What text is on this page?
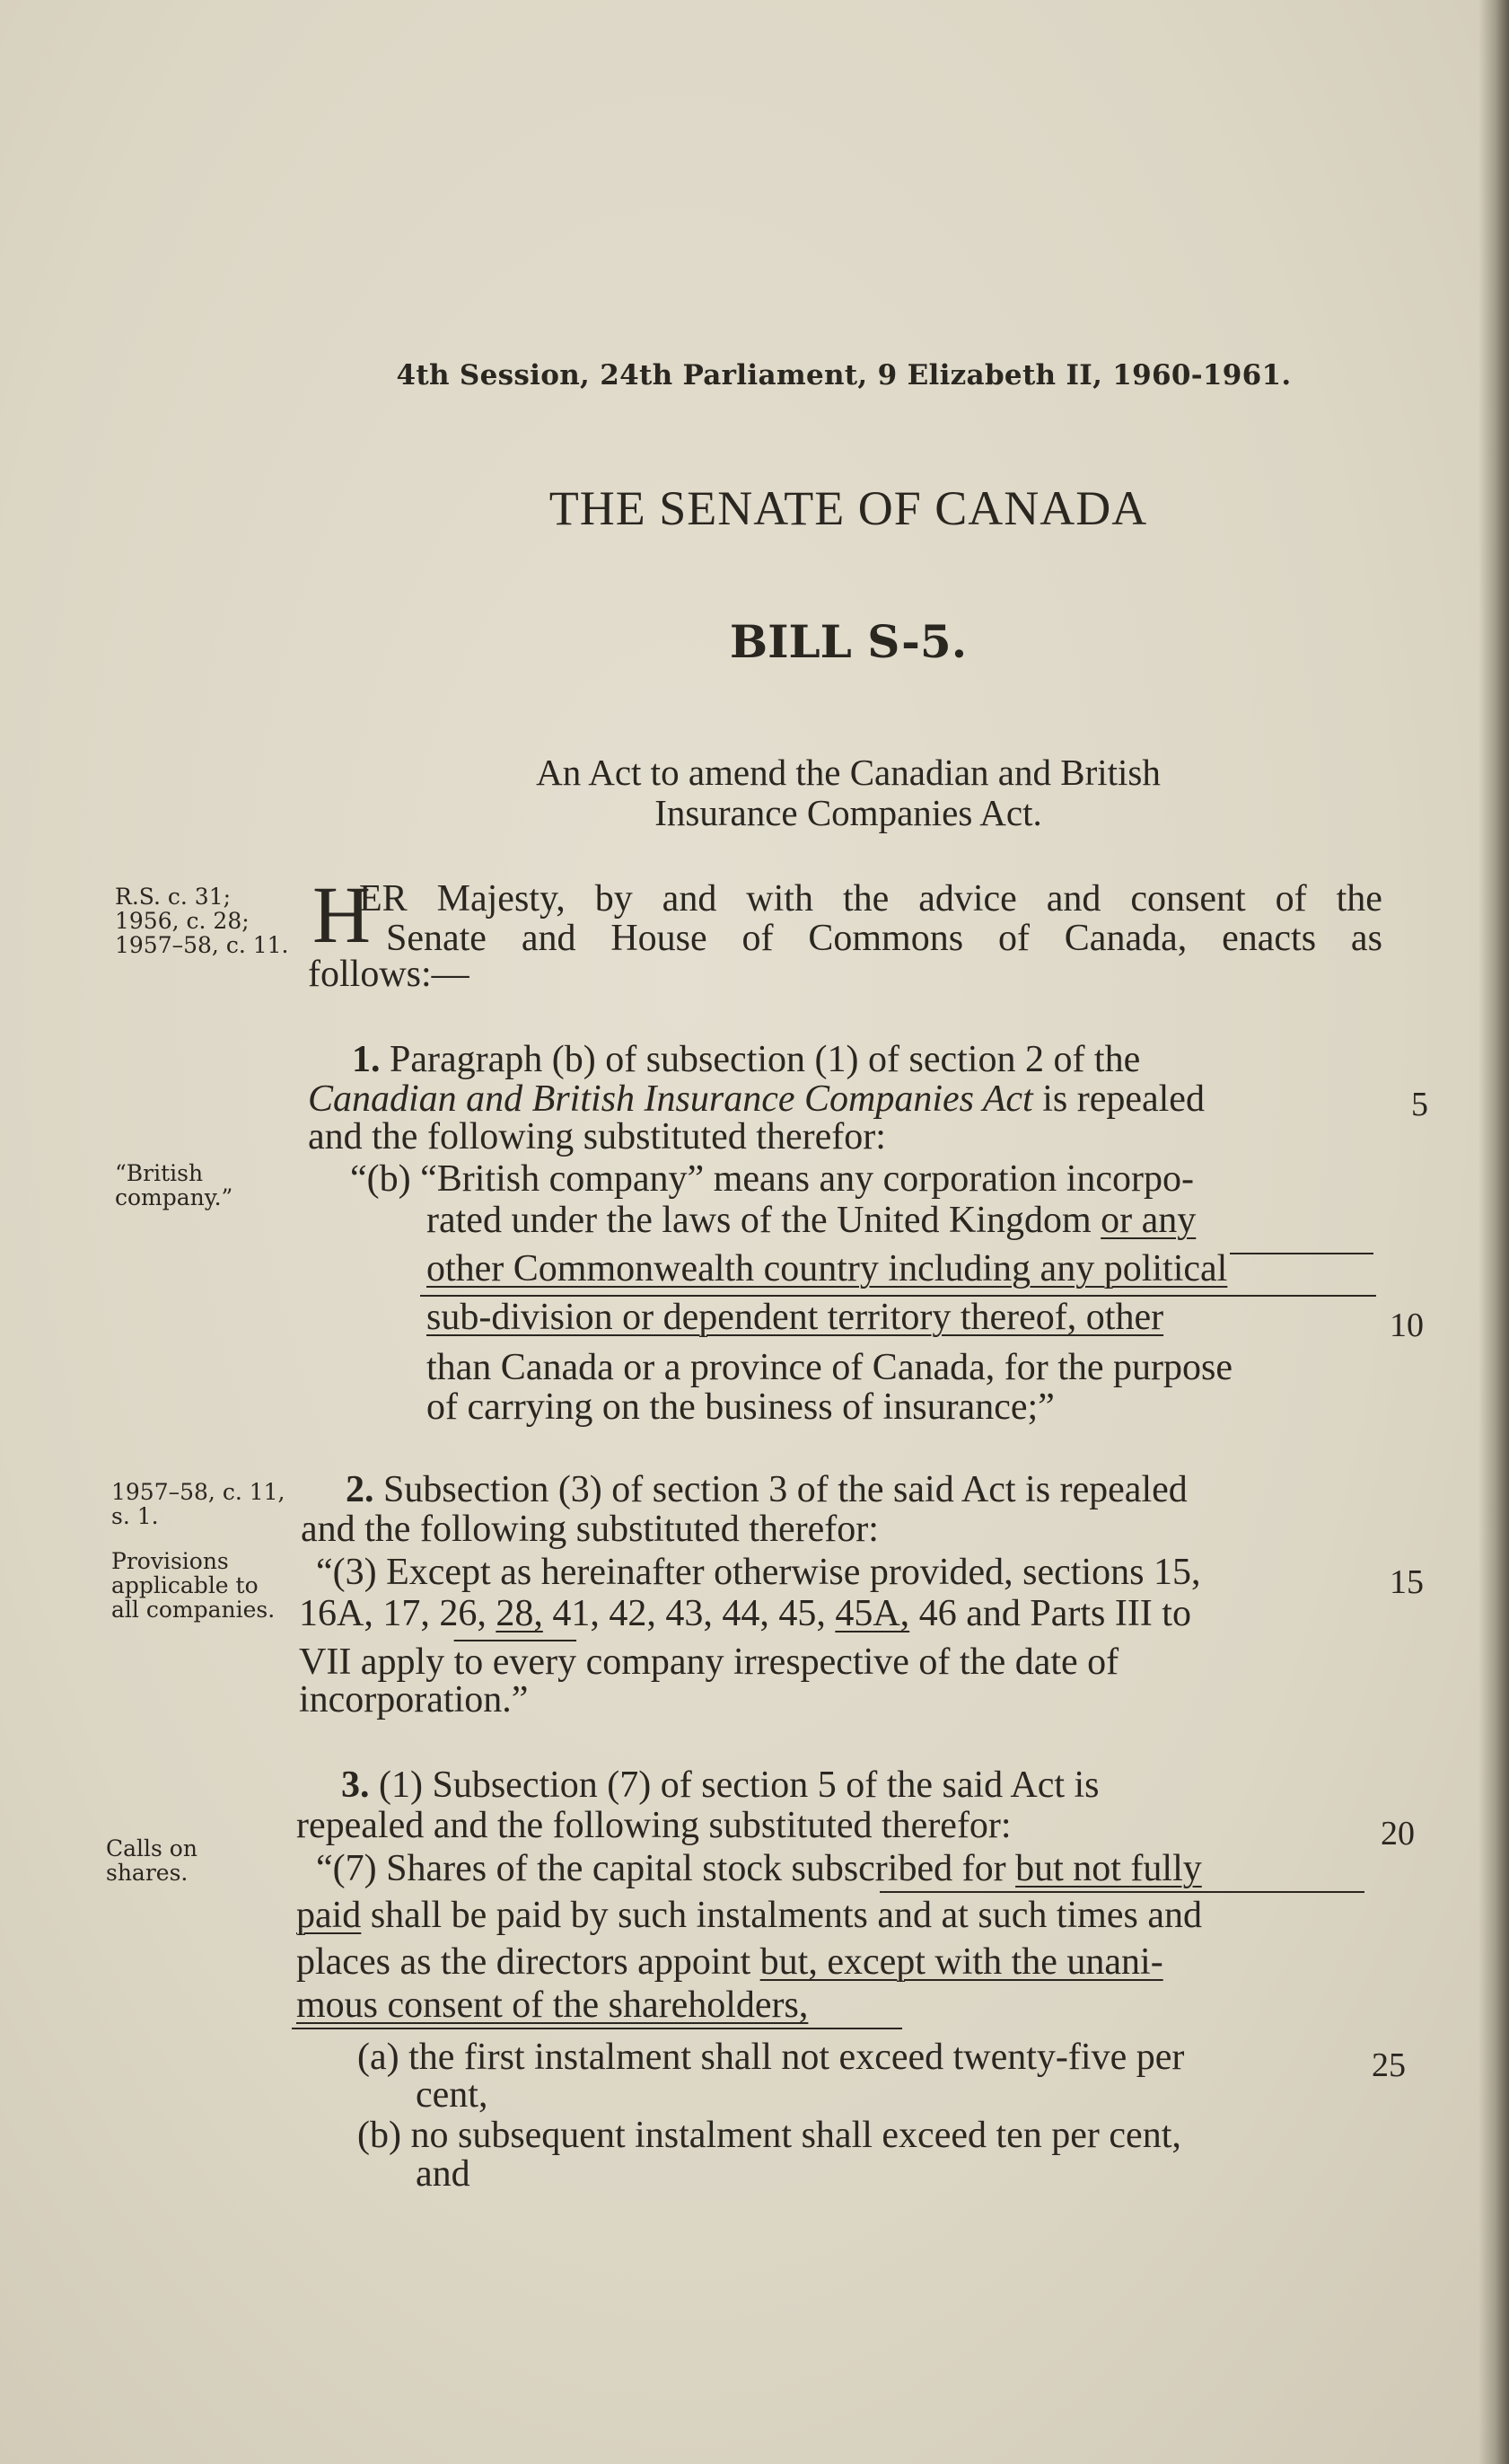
4th Session, 24th Parliament, 9 Elizabeth II, 1960-1961.
THE SENATE OF CANADA
BILL S-5.
An Act to amend the Canadian and British
Insurance Companies Act.
R.S. c. 31;
1956, c. 28;
1957–58, c. 11.
“British
company.”
1957–58, c. 11,
s. 1.
Provisions
applicable to
all companies.
Calls on
shares.
5
10
15
20
25
H
ER Majesty, by and with the advice and consent of the
Senate and House of Commons of Canada, enacts as
follows:—
1. Paragraph (b) of subsection (1) of section 2 of the
Canadian and British Insurance Companies Act is repealed
and the following substituted therefor:
“(b) “British company” means any corporation incorpo-
rated under the laws of the United Kingdom or any
other Commonwealth country including any political
sub-division or dependent territory thereof, other
than Canada or a province of Canada, for the purpose
of carrying on the business of insurance;”
2. Subsection (3) of section 3 of the said Act is repealed
and the following substituted therefor:
“(3) Except as hereinafter otherwise provided, sections 15,
16A, 17, 26, 28, 41, 42, 43, 44, 45, 45A, 46 and Parts III to
VII apply to every company irrespective of the date of
incorporation.”
3. (1) Subsection (7) of section 5 of the said Act is
repealed and the following substituted therefor:
“(7) Shares of the capital stock subscribed for but not fully
paid shall be paid by such instalments and at such times and
places as the directors appoint but, except with the unani-
mous consent of the shareholders,
(a) the first instalment shall not exceed twenty-five per
cent,
(b) no subsequent instalment shall exceed ten per cent,
and
